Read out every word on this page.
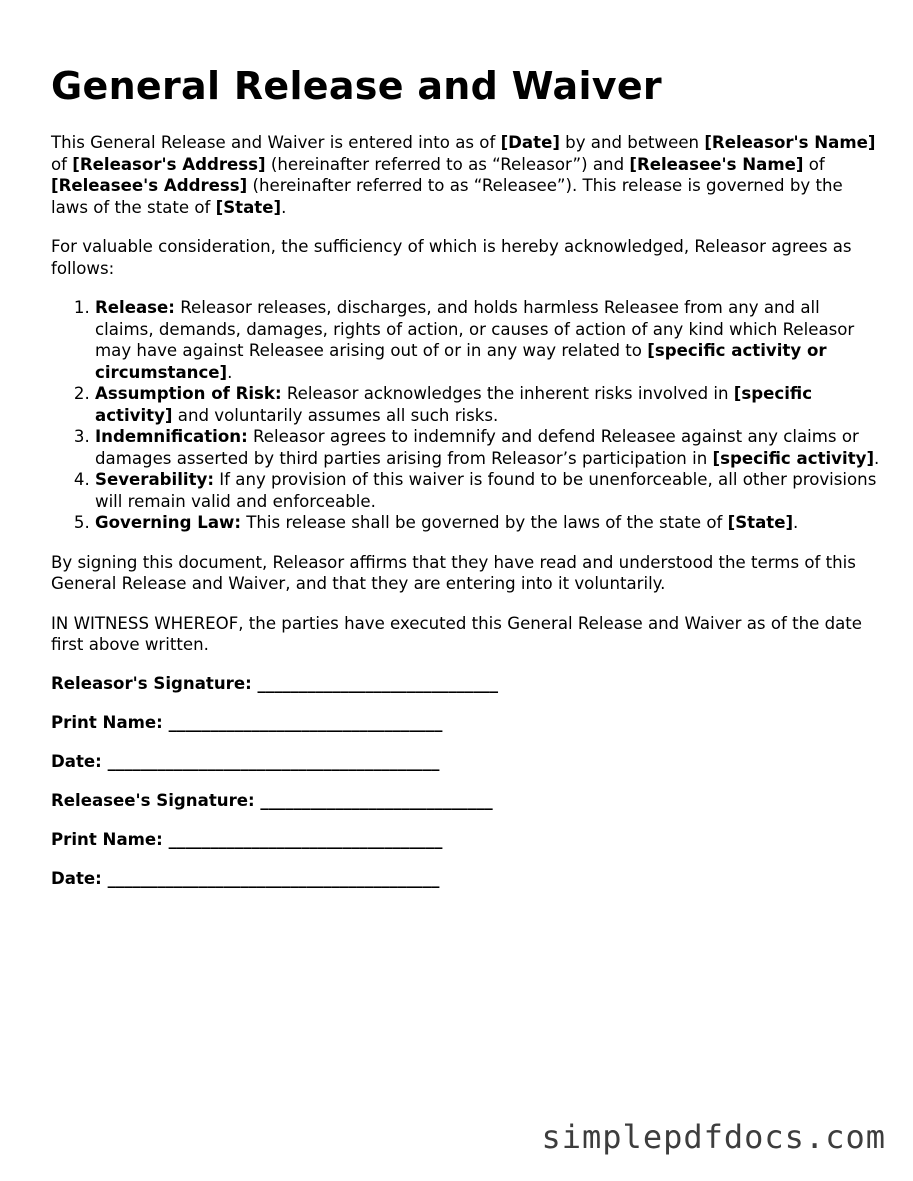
General Release and Waiver

This General Release and Waiver is entered into as of [Date] by and between [Releasor's Name] of [Releasor's Address] (hereinafter referred to as “Releasor”) and [Releasee's Name] of [Releasee's Address] (hereinafter referred to as “Releasee”). This release is governed by the laws of the state of [State].

For valuable consideration, the sufficiency of which is hereby acknowledged, Releasor agrees as follows:

1. Release: Releasor releases, discharges, and holds harmless Releasee from any and all claims, demands, damages, rights of action, or causes of action of any kind which Releasor may have against Releasee arising out of or in any way related to [specific activity or circumstance].
2. Assumption of Risk: Releasor acknowledges the inherent risks involved in [specific activity] and voluntarily assumes all such risks.
3. Indemnification: Releasor agrees to indemnify and defend Releasee against any claims or damages asserted by third parties arising from Releasor’s participation in [specific activity].
4. Severability: If any provision of this waiver is found to be unenforceable, all other provisions will remain valid and enforceable.
5. Governing Law: This release shall be governed by the laws of the state of [State].

By signing this document, Releasor affirms that they have read and understood the terms of this General Release and Waiver, and that they are entering into it voluntarily.

IN WITNESS WHEREOF, the parties have executed this General Release and Waiver as of the date first above written.

Releasor's Signature: _____________________________
Print Name: _________________________________
Date: ________________________________________
Releasee's Signature: ____________________________
Print Name: _________________________________
Date: ________________________________________
simplepdfdocs.com
